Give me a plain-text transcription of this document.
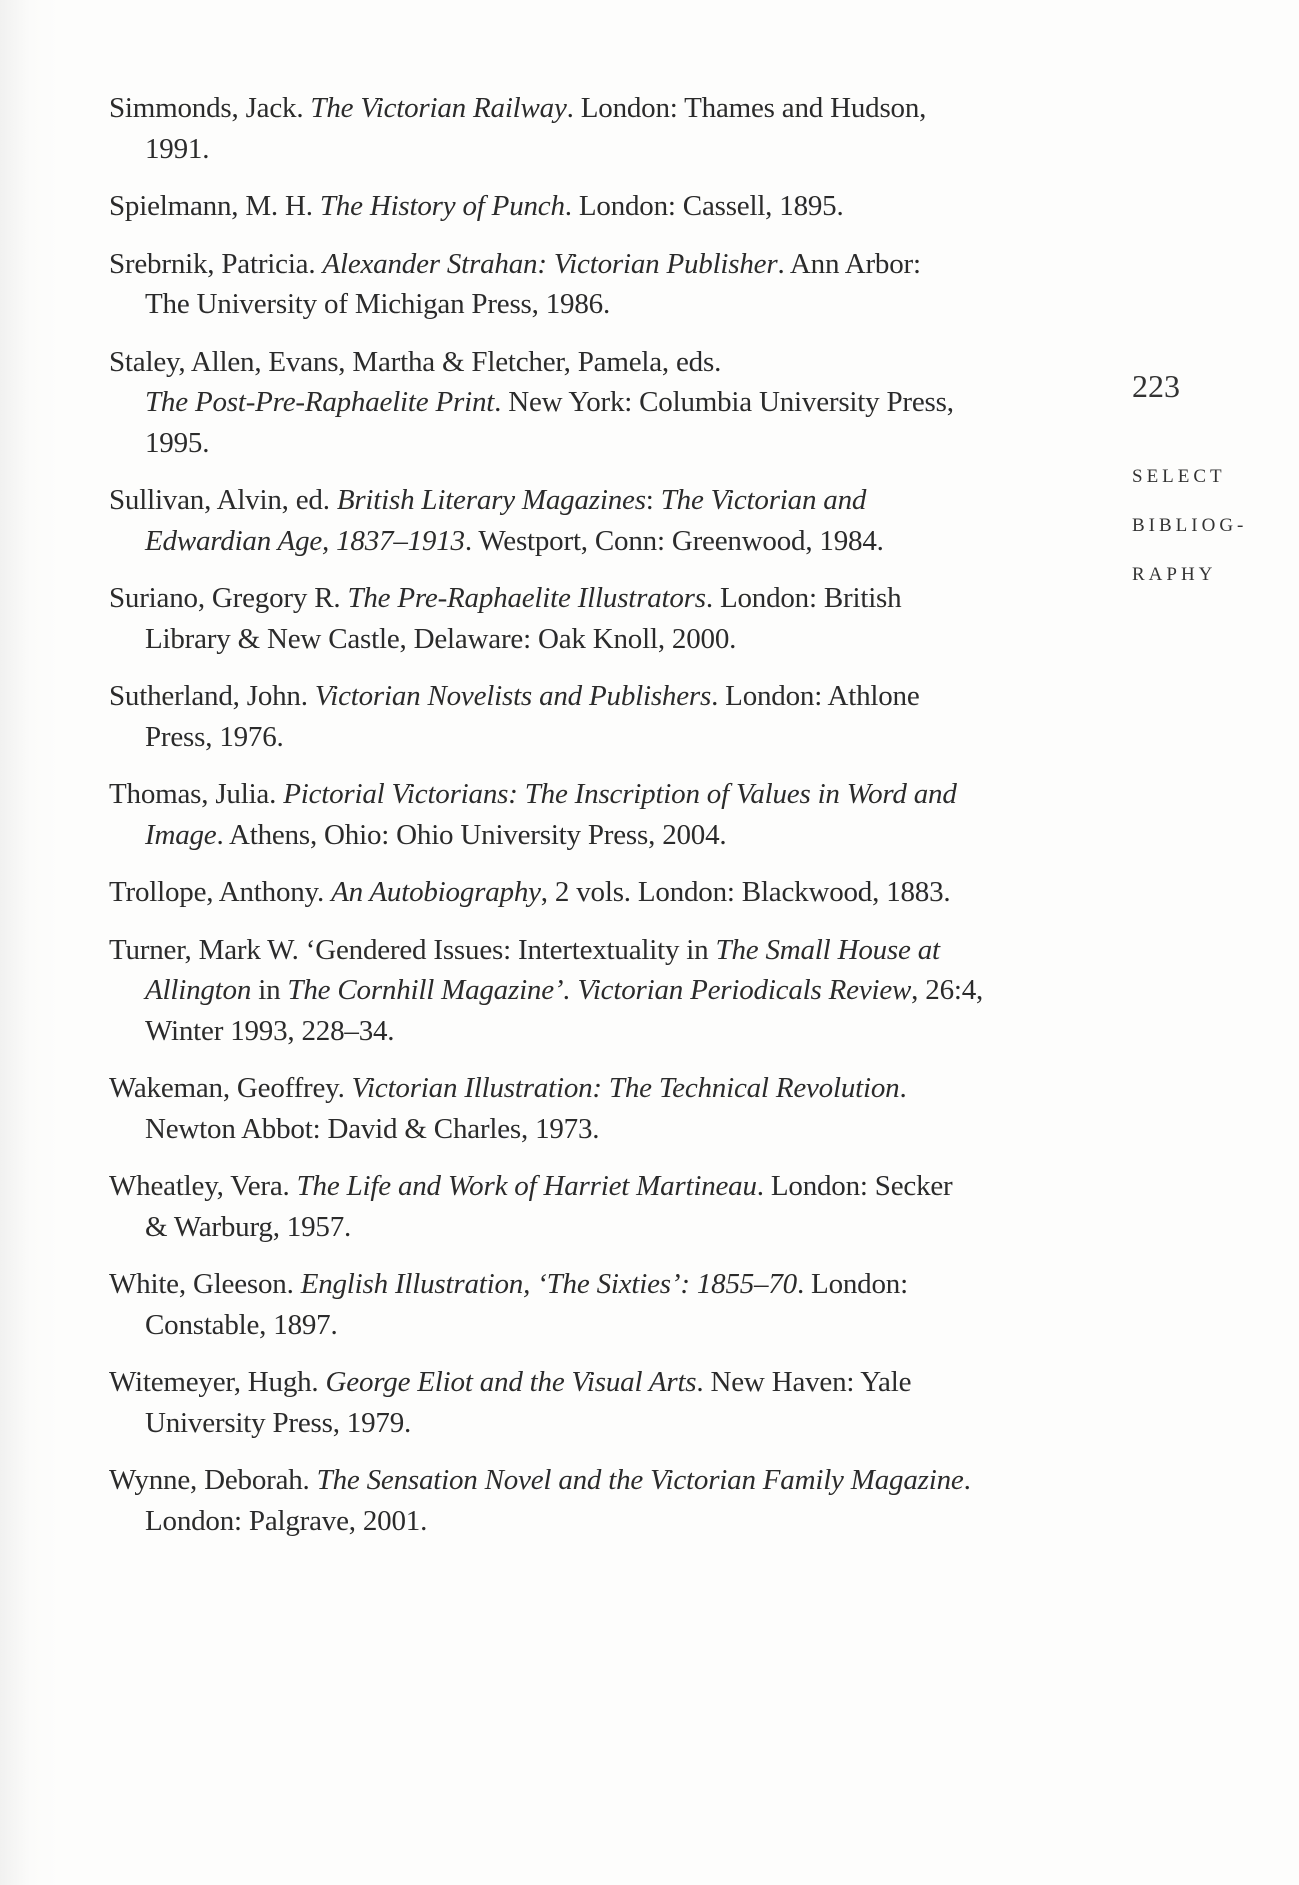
Simmonds, Jack. The Victorian Railway. London: Thames and Hudson,
1991.
Spielmann, M. H. The History of Punch. London: Cassell, 1895.
Srebrnik, Patricia. Alexander Strahan: Victorian Publisher. Ann Arbor:
The University of Michigan Press, 1986.
Staley, Allen, Evans, Martha & Fletcher, Pamela, eds.
The Post-Pre-Raphaelite Print. New York: Columbia University Press,
1995.
Sullivan, Alvin, ed. British Literary Magazines: The Victorian and
Edwardian Age, 1837–1913. Westport, Conn: Greenwood, 1984.
Suriano, Gregory R. The Pre-Raphaelite Illustrators. London: British
Library & New Castle, Delaware: Oak Knoll, 2000.
Sutherland, John. Victorian Novelists and Publishers. London: Athlone
Press, 1976.
Thomas, Julia. Pictorial Victorians: The Inscription of Values in Word and
Image. Athens, Ohio: Ohio University Press, 2004.
Trollope, Anthony. An Autobiography, 2 vols. London: Blackwood, 1883.
Turner, Mark W. ‘Gendered Issues: Intertextuality in The Small House at
Allington in The Cornhill Magazine’. Victorian Periodicals Review, 26:4,
Winter 1993, 228–34.
Wakeman, Geoffrey. Victorian Illustration: The Technical Revolution.
Newton Abbot: David & Charles, 1973.
Wheatley, Vera. The Life and Work of Harriet Martineau. London: Secker
& Warburg, 1957.
White, Gleeson. English Illustration, ‘The Sixties’: 1855–70. London:
Constable, 1897.
Witemeyer, Hugh. George Eliot and the Visual Arts. New Haven: Yale
University Press, 1979.
Wynne, Deborah. The Sensation Novel and the Victorian Family Magazine.
London: Palgrave, 2001.
223
SELECT
BIBLIOG-
RAPHY
